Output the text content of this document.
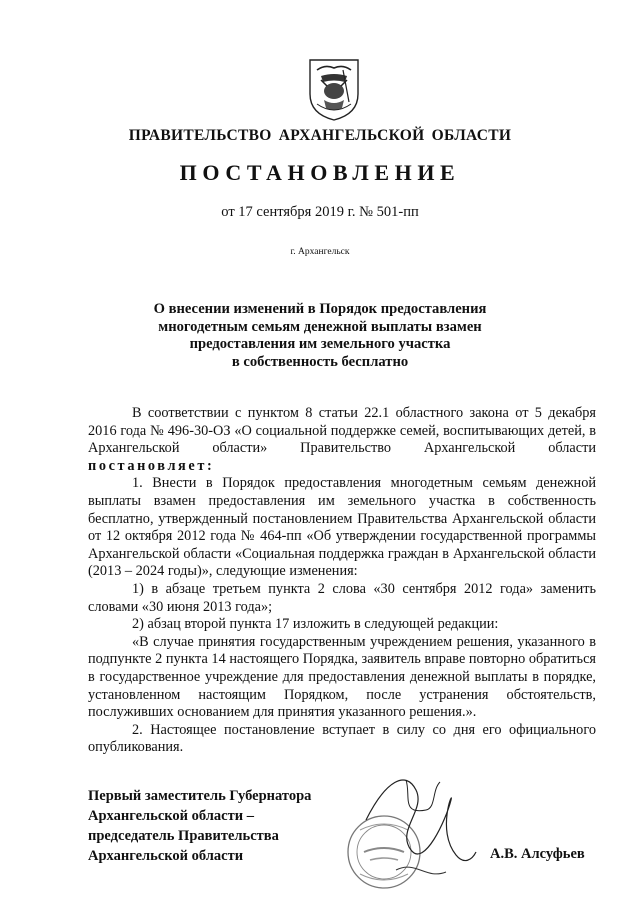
ПРАВИТЕЛЬСТВО АРХАНГЕЛЬСКОЙ ОБЛАСТИ
ПОСТАНОВЛЕНИЕ
от 17 сентября 2019 г. № 501-пп
г. Архангельск
О внесении изменений в Порядок предоставления
многодетным семьям денежной выплаты взамен
предоставления им земельного участка
в собственность бесплатно

В соответствии с пунктом 8 статьи 22.1 областного закона от 5 декабря 2016 года № 496-30-ОЗ «О социальной поддержке семей, воспитывающих детей, в Архангельской области» Правительство Архангельской области постановляет:

1. Внести в Порядок предоставления многодетным семьям денежной выплаты взамен предоставления им земельного участка в собственность бесплатно, утвержденный постановлением Правительства Архангельской области от 12 октября 2012 года № 464-пп «Об утверждении государственной программы Архангельской области «Социальная поддержка граждан в Архангельской области (2013 – 2024 годы)», следующие изменения:

1) в абзаце третьем пункта 2 слова «30 сентября 2012 года» заменить словами «30 июня 2013 года»;

2) абзац второй пункта 17 изложить в следующей редакции:

«В случае принятия государственным учреждением решения, указанного в подпункте 2 пункта 14 настоящего Порядка, заявитель вправе повторно обратиться в государственное учреждение для предоставления денежной выплаты в порядке, установленном настоящим Порядком, после устранения обстоятельств, послуживших основанием для принятия указанного решения.».

2. Настоящее постановление вступает в силу со дня его официального опубликования.

Первый заместитель Губернатора
Архангельской области –
председатель Правительства
Архангельской области	А.В. Алсуфьев
